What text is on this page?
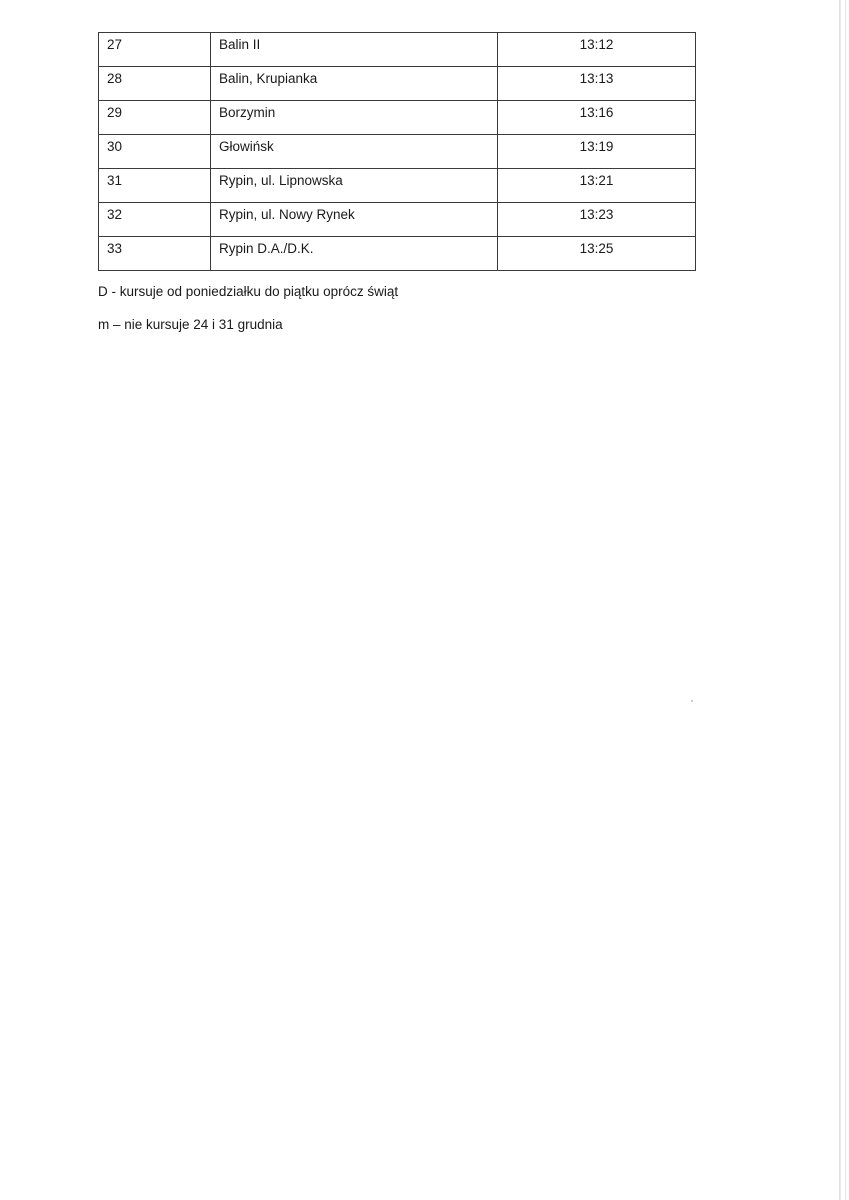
27	Balin II	13:12
28	Balin, Krupianka	13:13
29	Borzymin	13:16
30	Głowińsk	13:19
31	Rypin, ul. Lipnowska	13:21
32	Rypin, ul. Nowy Rynek	13:23
33	Rypin D.A./D.K.	13:25
D - kursuje od poniedziałku do piątku oprócz świąt
m – nie kursuje 24 i 31 grudnia
